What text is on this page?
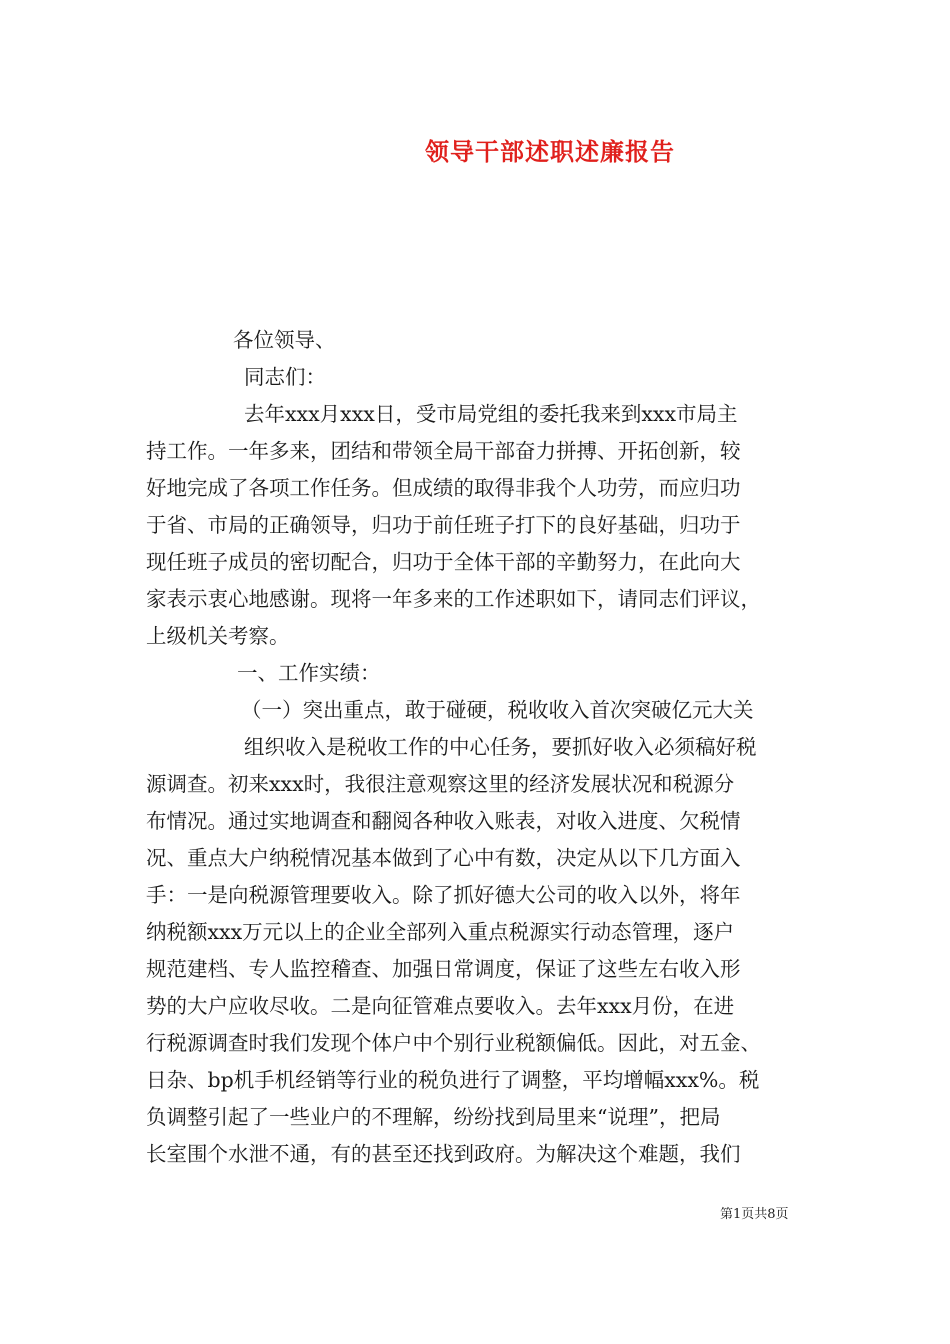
领导干部述职述廉报告
各位领导、
同志们：
去年xxx月xxx日，受市局党组的委托我来到xxx市局主
持工作。一年多来，团结和带领全局干部奋力拼搏、开拓创新，较
好地完成了各项工作任务。但成绩的取得非我个人功劳，而应归功
于省、市局的正确领导，归功于前任班子打下的良好基础，归功于
现任班子成员的密切配合，归功于全体干部的辛勤努力，在此向大
家表示衷心地感谢。现将一年多来的工作述职如下，请同志们评议，
上级机关考察。
一、工作实绩：
（一）突出重点，敢于碰硬，税收收入首次突破亿元大关
组织收入是税收工作的中心任务，要抓好收入必须稿好税
源调查。初来xxx时，我很注意观察这里的经济发展状况和税源分
布情况。通过实地调查和翻阅各种收入账表，对收入进度、欠税情
况、重点大户纳税情况基本做到了心中有数，决定从以下几方面入
手：一是向税源管理要收入。除了抓好德大公司的收入以外，将年
纳税额xxx万元以上的企业全部列入重点税源实行动态管理，逐户
规范建档、专人监控稽查、加强日常调度，保证了这些左右收入形
势的大户应收尽收。二是向征管难点要收入。去年xxx月份，在进
行税源调查时我们发现个体户中个别行业税额偏低。因此，对五金、
日杂、bp机手机经销等行业的税负进行了调整，平均增幅xxx%。税
负调整引起了一些业户的不理解，纷纷找到局里来“说理”，把局
长室围个水泄不通，有的甚至还找到政府。为解决这个难题，我们
第1页共8页
